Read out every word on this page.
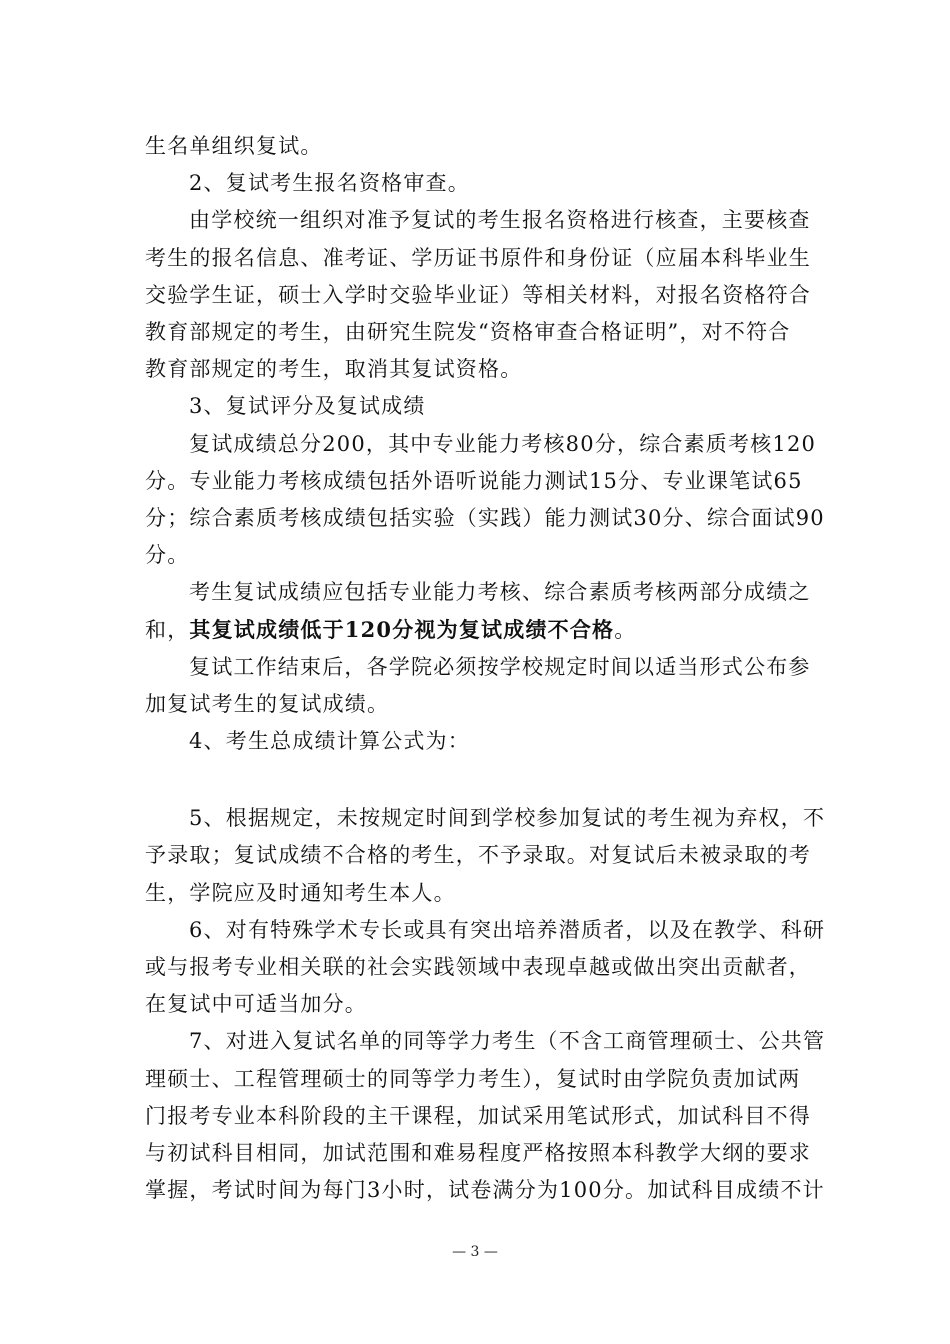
生名单组织复试。
2、复试考生报名资格审查。
由学校统一组织对准予复试的考生报名资格进行核查，主要核查
考生的报名信息、准考证、学历证书原件和身份证（应届本科毕业生
交验学生证，硕士入学时交验毕业证）等相关材料，对报名资格符合
教育部规定的考生，由研究生院发“资格审查合格证明”，对不符合
教育部规定的考生，取消其复试资格。
3、复试评分及复试成绩
复试成绩总分200，其中专业能力考核80分，综合素质考核120
分。专业能力考核成绩包括外语听说能力测试15分、专业课笔试65
分；综合素质考核成绩包括实验（实践）能力测试30分、综合面试90
分。
考生复试成绩应包括专业能力考核、综合素质考核两部分成绩之
和，其复试成绩低于120分视为复试成绩不合格。
复试工作结束后，各学院必须按学校规定时间以适当形式公布参
加复试考生的复试成绩。
4、考生总成绩计算公式为：
5、根据规定，未按规定时间到学校参加复试的考生视为弃权，不
予录取；复试成绩不合格的考生，不予录取。对复试后未被录取的考
生，学院应及时通知考生本人。
6、对有特殊学术专长或具有突出培养潜质者，以及在教学、科研
或与报考专业相关联的社会实践领域中表现卓越或做出突出贡献者，
在复试中可适当加分。
7、对进入复试名单的同等学力考生（不含工商管理硕士、公共管
理硕士、工程管理硕士的同等学力考生），复试时由学院负责加试两
门报考专业本科阶段的主干课程，加试采用笔试形式，加试科目不得
与初试科目相同，加试范围和难易程度严格按照本科教学大纲的要求
掌握，考试时间为每门3小时，试卷满分为100分。加试科目成绩不计
— 3 —
